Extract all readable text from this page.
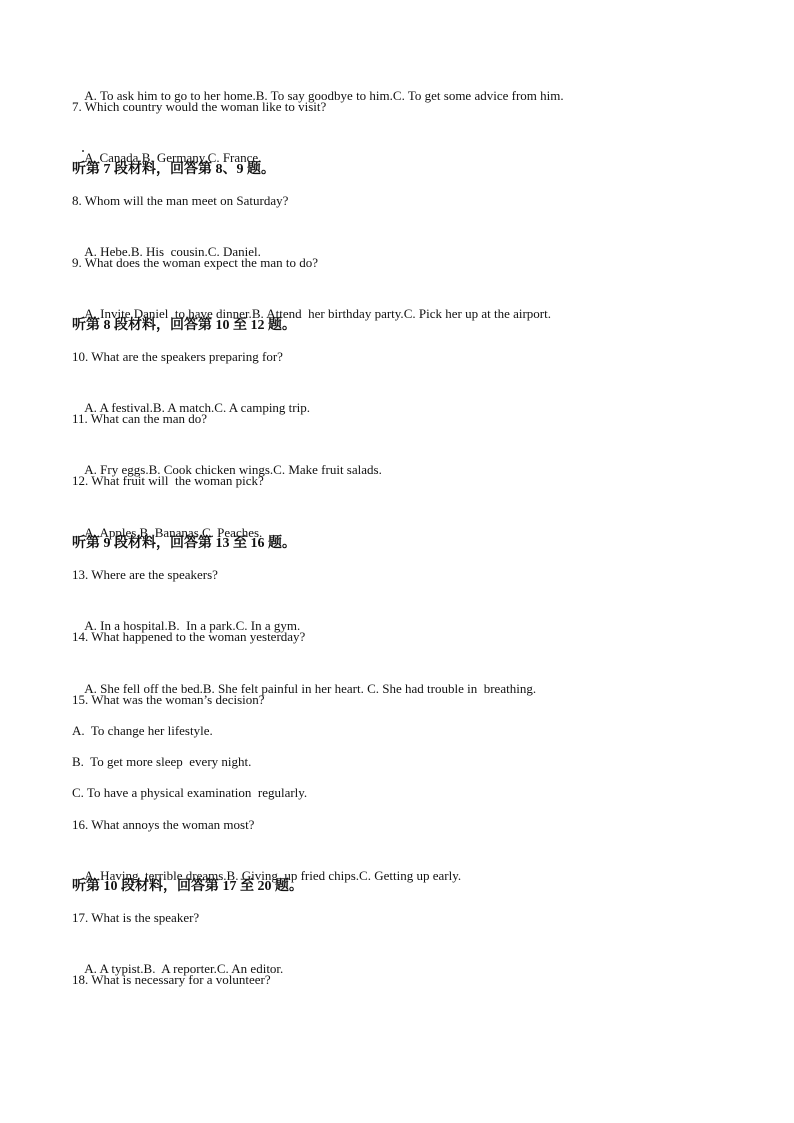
A. To ask him to go to her home.B. To say goodbye to him.C. To get some advice from him.

7. Which country would the woman like to visit?

A  Canada.B. Germany.C. France.

听第 7 段材料，回答第 8、9 题。
8. Whom will the man meet on Saturday?

A. Hebe.B. His  cousin.C. Daniel.

9. What does the woman expect the man to do?

A. Invite Daniel  to have dinner.B. Attend  her birthday party.C. Pick her up at the airport.

听第 8 段材料，回答第 10 至 12 题。
10. What are the speakers preparing for?

A. A festival.B. A match.C. A camping trip.

11. What can the man do?

A. Fry eggs.B. Cook chicken wings.C. Make fruit salads.

12. What fruit will  the woman pick?

A. Apples.B. Bananas.C. Peaches.

听第 9 段材料，回答第 13 至 16 题。
13. Where are the speakers?

A. In a hospital.B.  In a park.C. In a gym.

14. What happened to the woman yesterday?

A. She fell off the bed.B. She felt painful in her heart. C. She had trouble in  breathing.

15. What was the woman’s decision?
A.  To change her lifestyle.
B.  To get more sleep  every night.
C. To have a physical examination  regularly.
16. What annoys the woman most?

A. Having  terrible dreams.B. Giving  up fried chips.C. Getting up early.

听第 10 段材料，回答第 17 至 20 题。
17. What is the speaker?

A. A typist.B.  A reporter.C. An editor.

18. What is necessary for a volunteer?
